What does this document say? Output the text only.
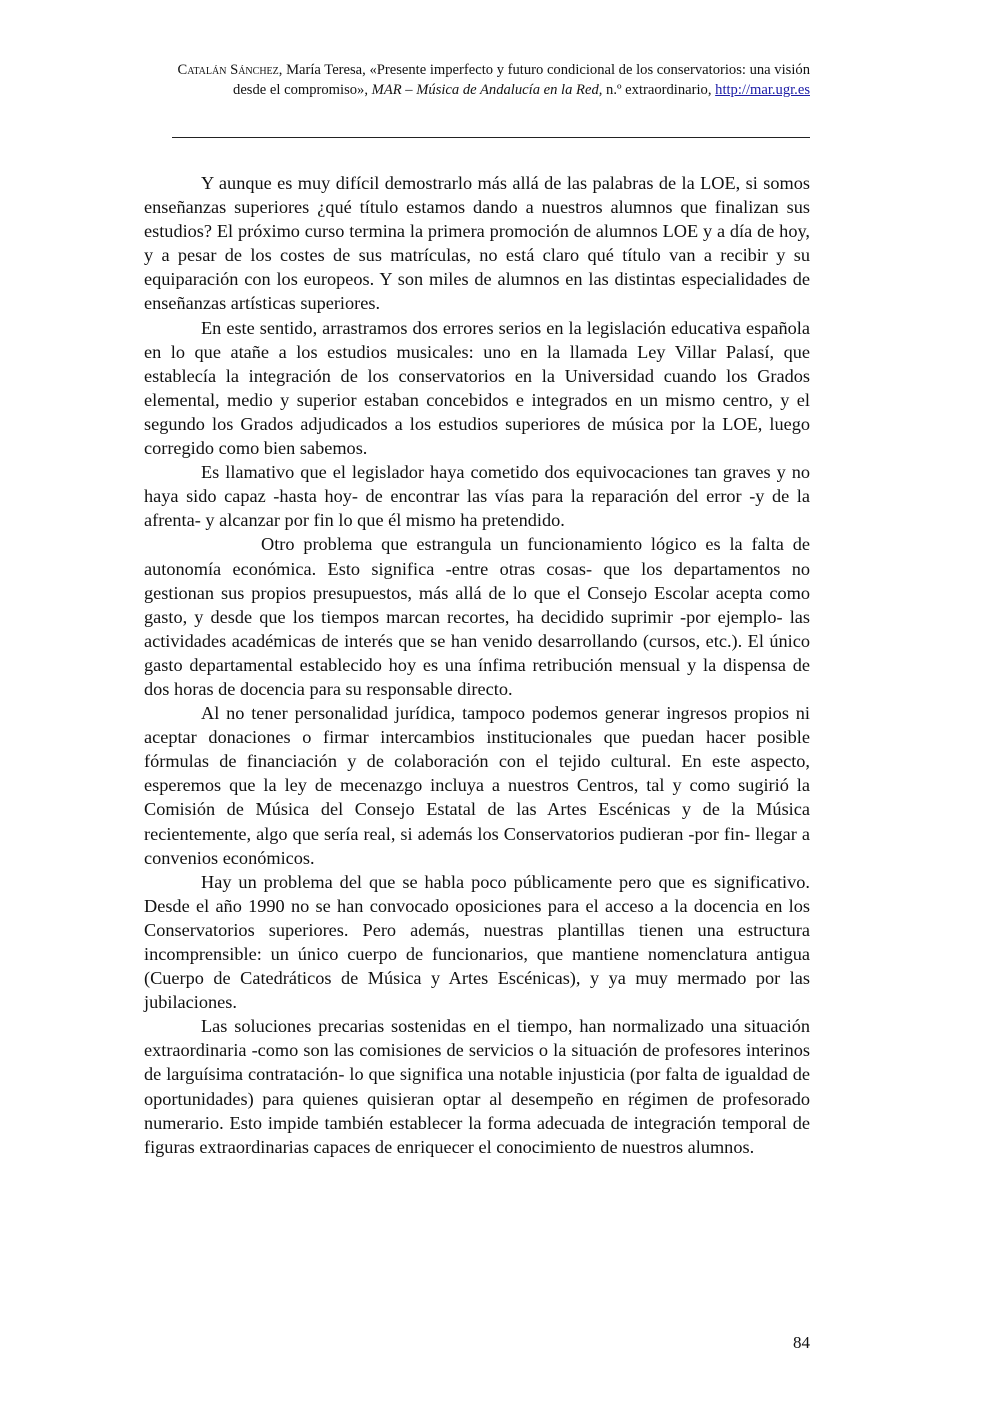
Catalán Sánchez, María Teresa, «Presente imperfecto y futuro condicional de los conservatorios: una visión desde el compromiso», MAR – Música de Andalucía en la Red, n.º extraordinario, http://mar.ugr.es

Y aunque es muy difícil demostrarlo más allá de las palabras de la LOE, si somos enseñanzas superiores ¿qué título estamos dando a nuestros alumnos que finalizan sus estudios? El próximo curso termina la primera promoción de alumnos LOE y a día de hoy, y a pesar de los costes de sus matrículas, no está claro qué título van a recibir y su equiparación con los europeos. Y son miles de alumnos en las distintas especialidades de enseñanzas artísticas superiores.

En este sentido, arrastramos dos errores serios en la legislación educativa española en lo que atañe a los estudios musicales: uno en la llamada Ley Villar Palasí, que establecía la integración de los conservatorios en la Universidad cuando los Grados elemental, medio y superior estaban concebidos e integrados en un mismo centro, y el segundo los Grados adjudicados a los estudios superiores de música por la LOE, luego corregido como bien sabemos.

Es llamativo que el legislador haya cometido dos equivocaciones tan graves y no haya sido capaz -hasta hoy- de encontrar las vías para la reparación del error -y de la afrenta- y alcanzar por fin lo que él mismo ha pretendido.

Otro problema que estrangula un funcionamiento lógico es la falta de autonomía económica. Esto significa -entre otras cosas- que los departamentos no gestionan sus propios presupuestos, más allá de lo que el Consejo Escolar acepta como gasto, y desde que los tiempos marcan recortes, ha decidido suprimir -por ejemplo- las actividades académicas de interés que se han venido desarrollando (cursos, etc.). El único gasto departamental establecido hoy es una ínfima retribución mensual y la dispensa de dos horas de docencia para su responsable directo.

Al no tener personalidad jurídica, tampoco podemos generar ingresos propios ni aceptar donaciones o firmar intercambios institucionales que puedan hacer posible fórmulas de financiación y de colaboración con el tejido cultural. En este aspecto, esperemos que la ley de mecenazgo incluya a nuestros Centros, tal y como sugirió la Comisión de Música del Consejo Estatal de las Artes Escénicas y de la Música recientemente, algo que sería real, si además los Conservatorios pudieran -por fin- llegar a convenios económicos.

Hay un problema del que se habla poco públicamente pero que es significativo. Desde el año 1990 no se han convocado oposiciones para el acceso a la docencia en los Conservatorios superiores. Pero además, nuestras plantillas tienen una estructura incomprensible: un único cuerpo de funcionarios, que mantiene nomenclatura antigua (Cuerpo de Catedráticos de Música y Artes Escénicas), y ya muy mermado por las jubilaciones.

Las soluciones precarias sostenidas en el tiempo, han normalizado una situación extraordinaria -como son las comisiones de servicios o la situación de profesores interinos de larguísima contratación- lo que significa una notable injusticia (por falta de igualdad de oportunidades) para quienes quisieran optar al desempeño en régimen de profesorado numerario. Esto impide también establecer la forma adecuada de integración temporal de figuras extraordinarias capaces de enriquecer el conocimiento de nuestros alumnos.

84
